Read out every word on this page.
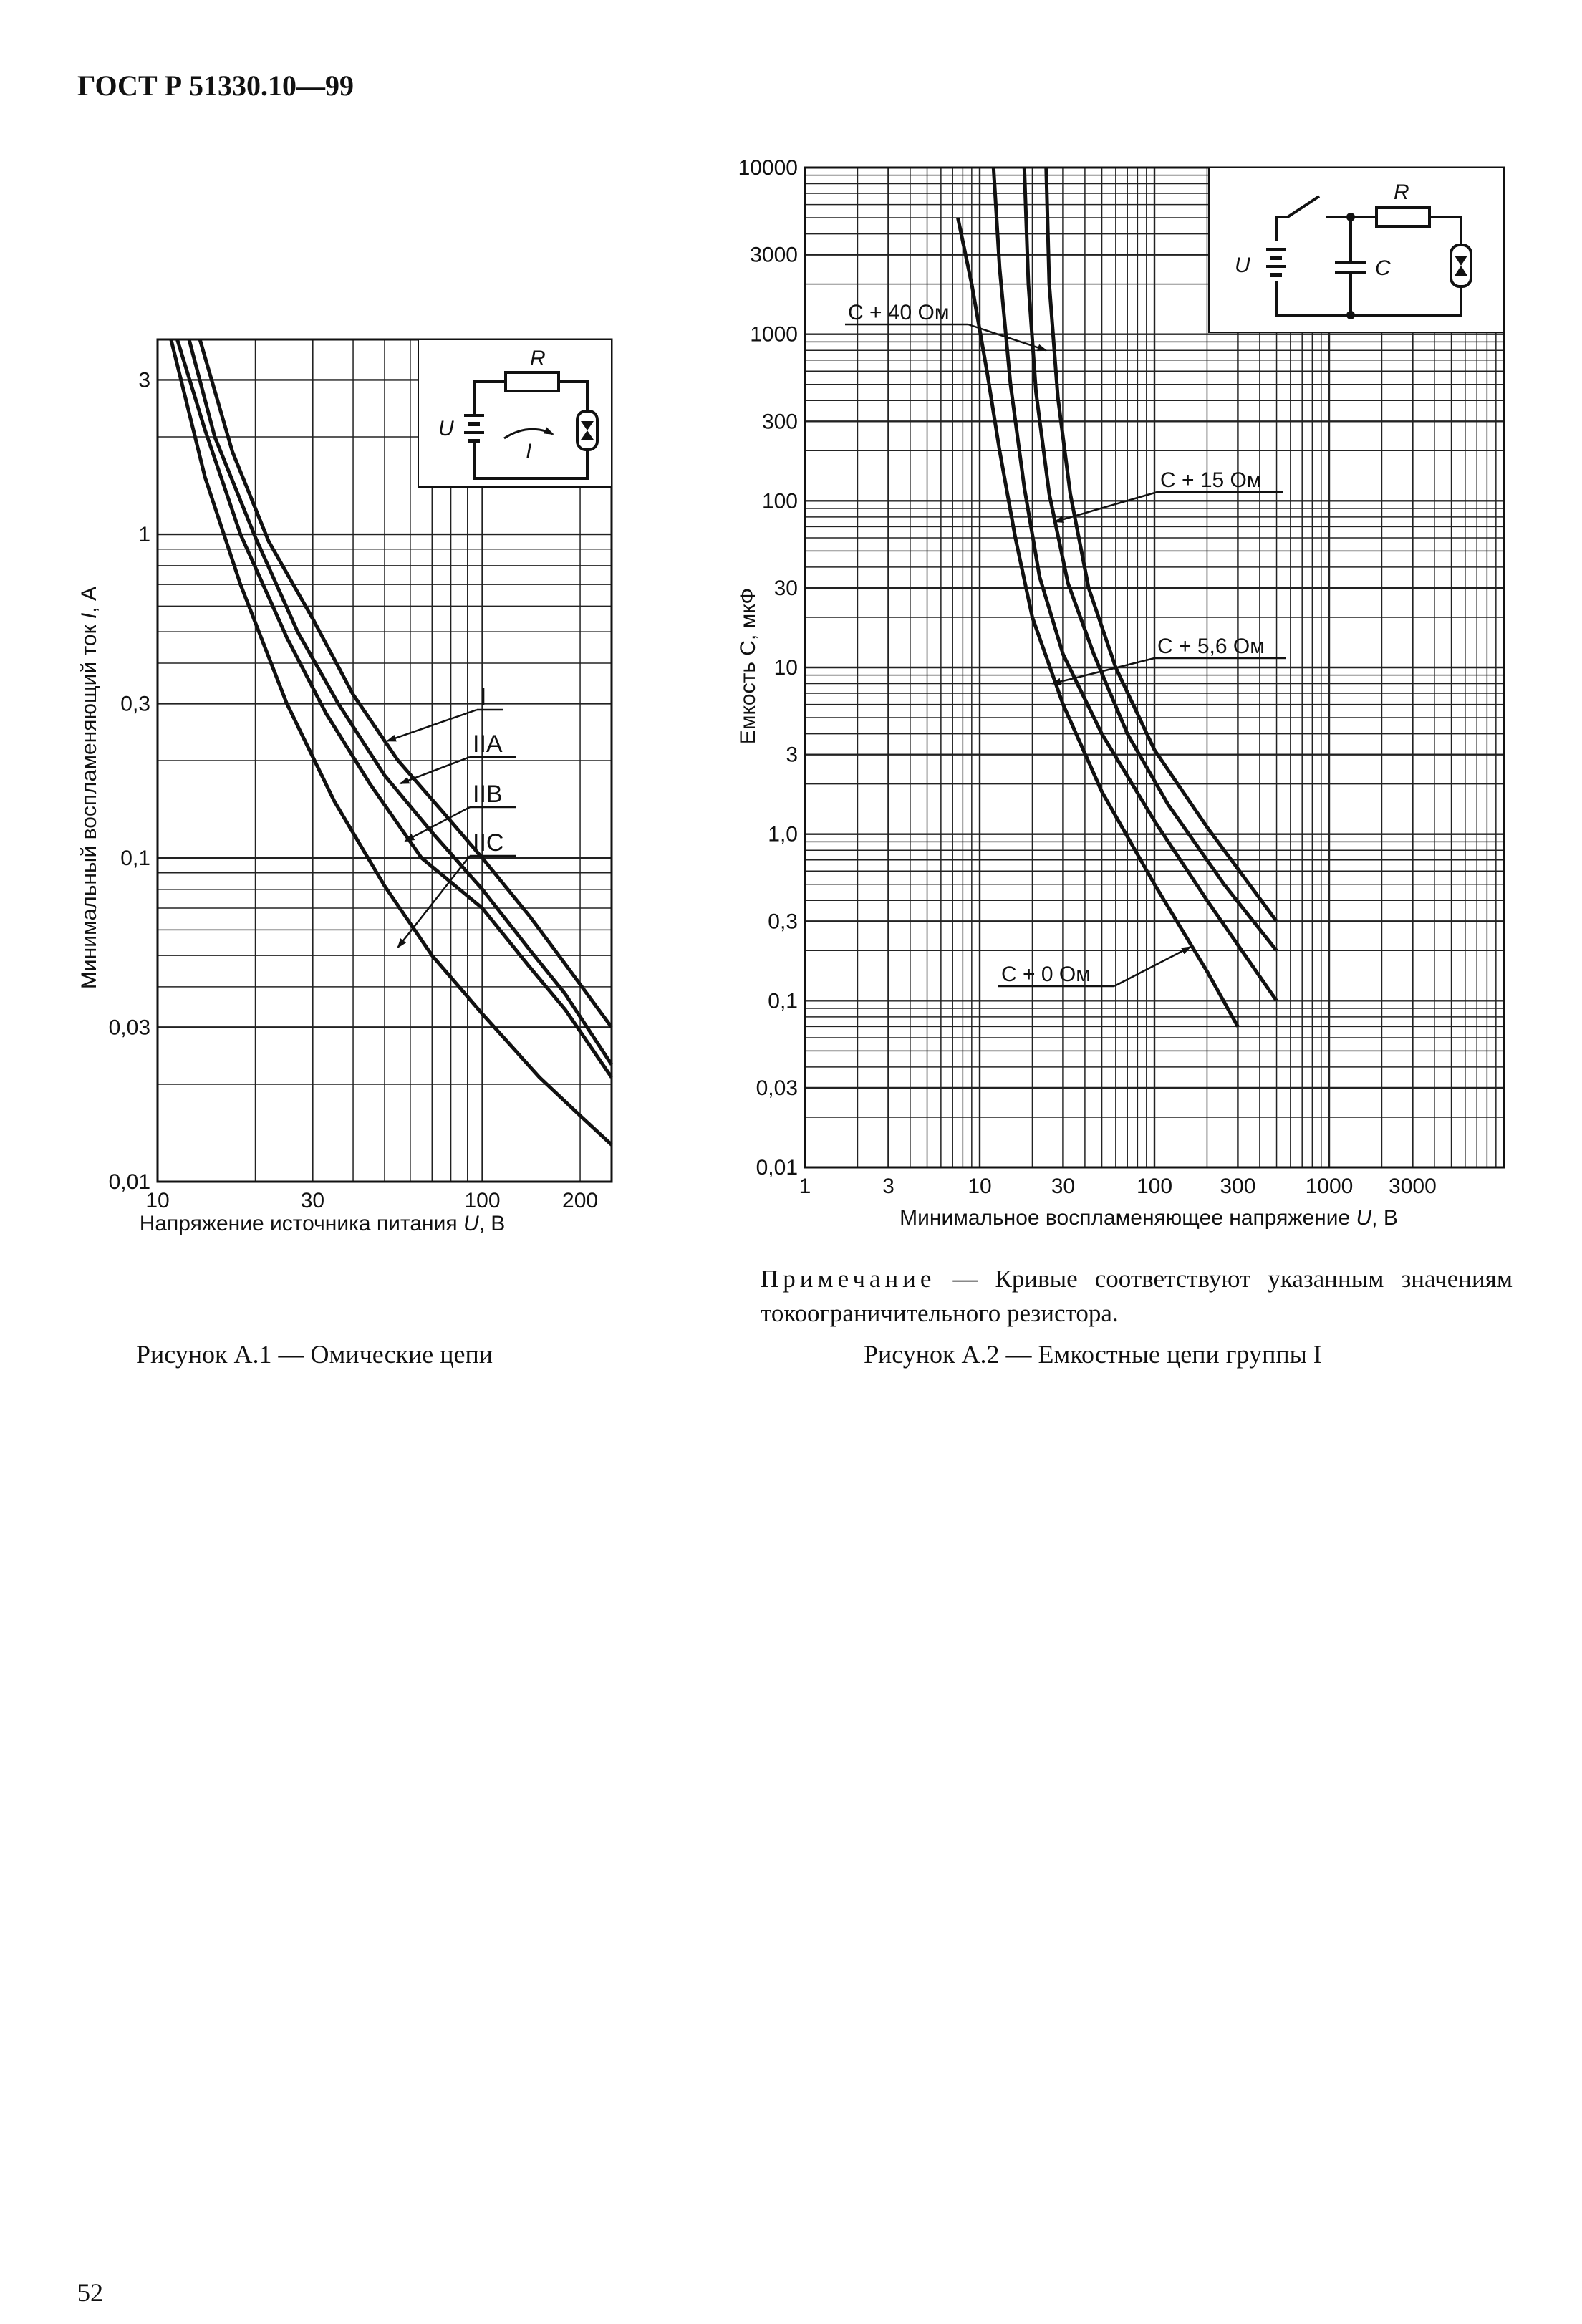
ГОСТ Р 51330.10—99
R
U
I
I
IIA
IIB
IIC
10	30	100	200
0,01
0,03
0,1
0,3
1
3
Напряжение источника питания U, В
Минимальный воспламеняющий ток I, А
R
U	C
C + 40 Ом
C + 15 Ом
C + 5,6 Ом
C + 0 Ом
1	3	10	30	100 300 1000 3000
0,01
0,03
0,1
0,3
1,0
3
10
30
100
300
1000
3000
10000
Минимальное воспламеняющее напряжение U, В
Емкость С, мкФ
Примечание — Кривые соответствуют указанным значениям токоограничительного резистора.
Рисунок А.1 — Омические цепи	Рисунок А.2 — Емкостные цепи группы I
52
